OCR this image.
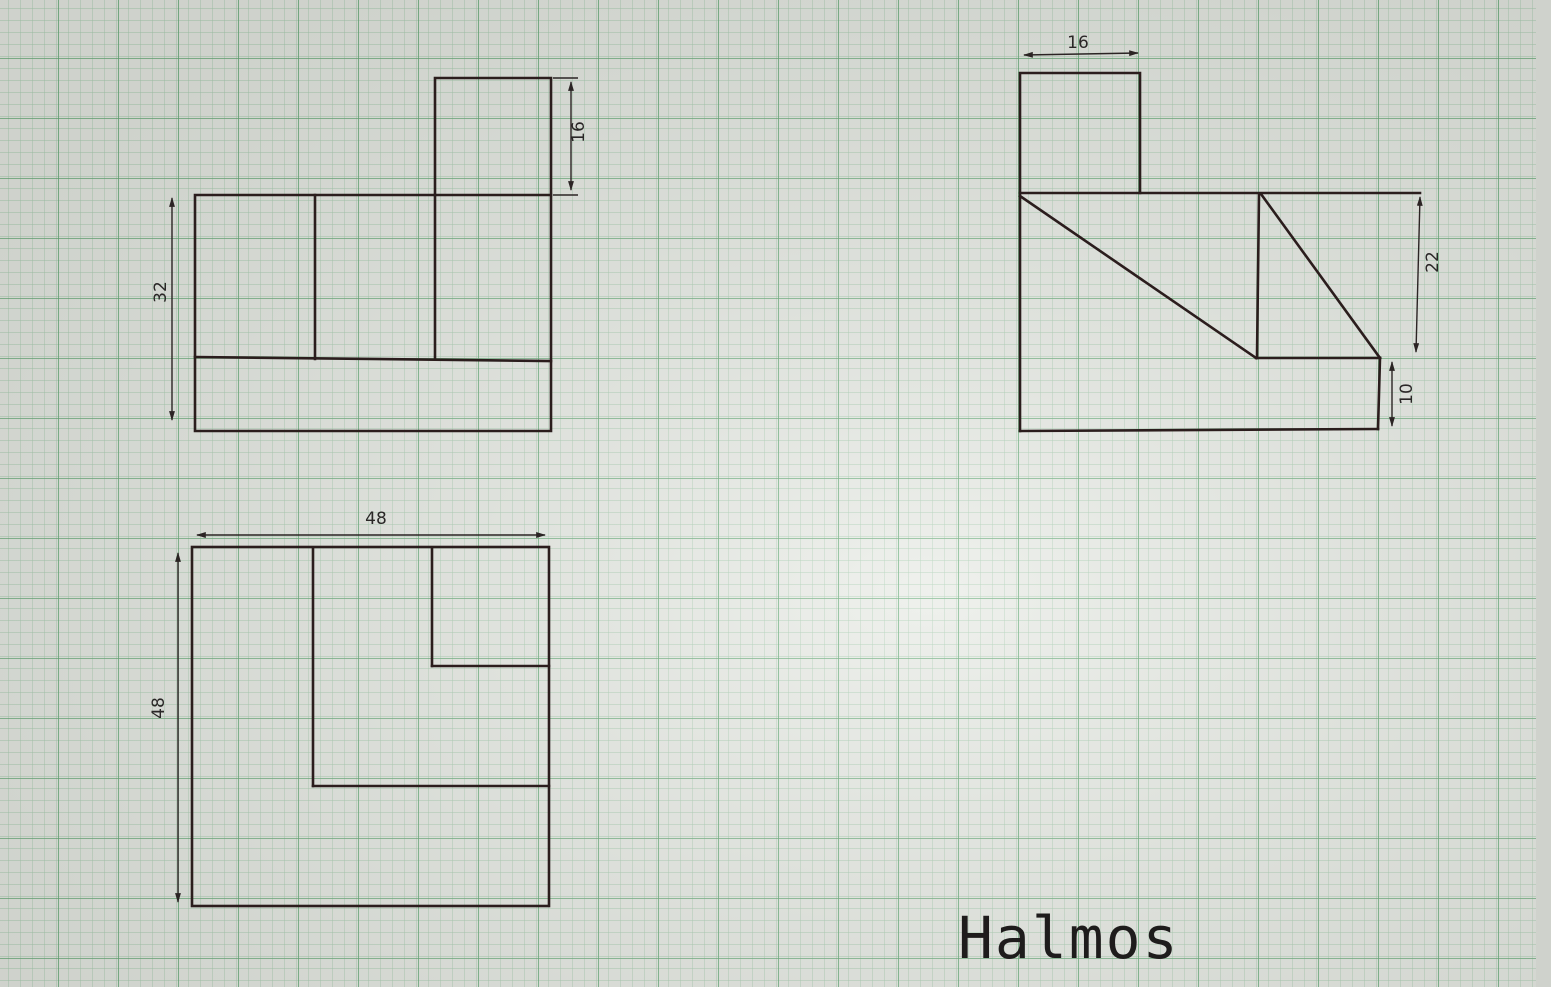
32
16
16
22
10
48
48
Halmos
